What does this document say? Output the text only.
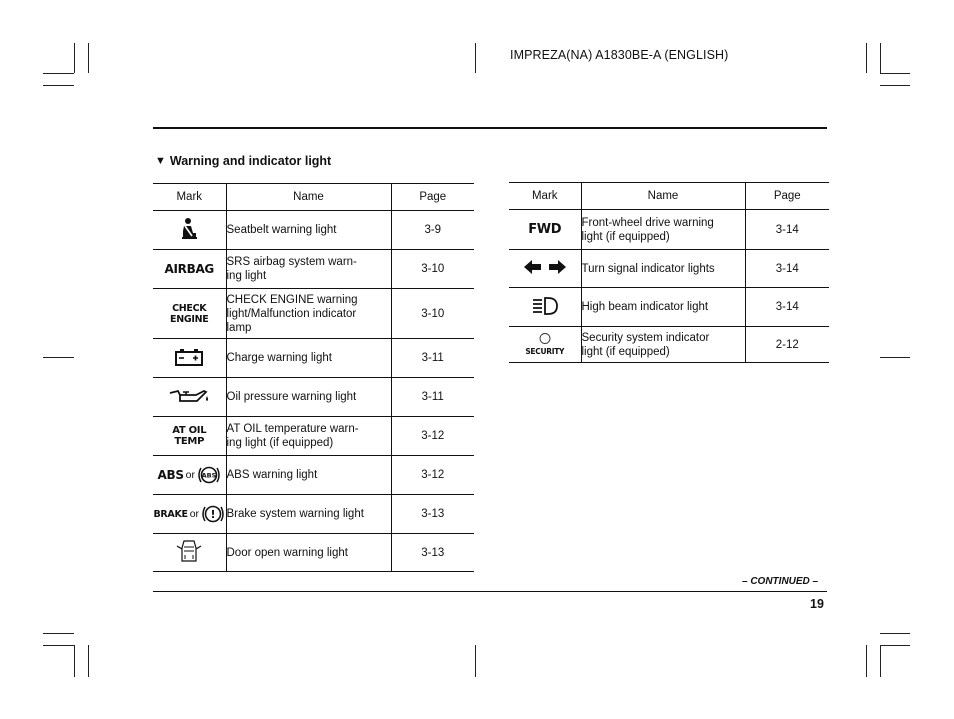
IMPREZA(NA) A1830BE-A (ENGLISH)
▼ Warning and indicator light
Mark	Name	Page
	Seatbelt warning light	3-9
AIRBAG	SRS airbag system warn-
ing light	3-10
CHECK
ENGINE	CHECK ENGINE warning
light/Malfunction indicator
lamp	3-10
	Charge warning light	3-11
	Oil pressure warning light	3-11
AT OIL
TEMP	AT OIL temperature warn-
ing light (if equipped)	3-12

ABS or ABS	ABS warning light	3-12

BRAKE or !	Brake system warning light	3-13
	Door open warning light	3-13
Mark	Name	Page
FWD	Front-wheel drive warning
light (if equipped)	3-14
	Turn signal indicator lights	3-14
	High beam indicator light	3-14

SECURITY	Security system indicator
light (if equipped)	2-12
– CONTINUED –
19
